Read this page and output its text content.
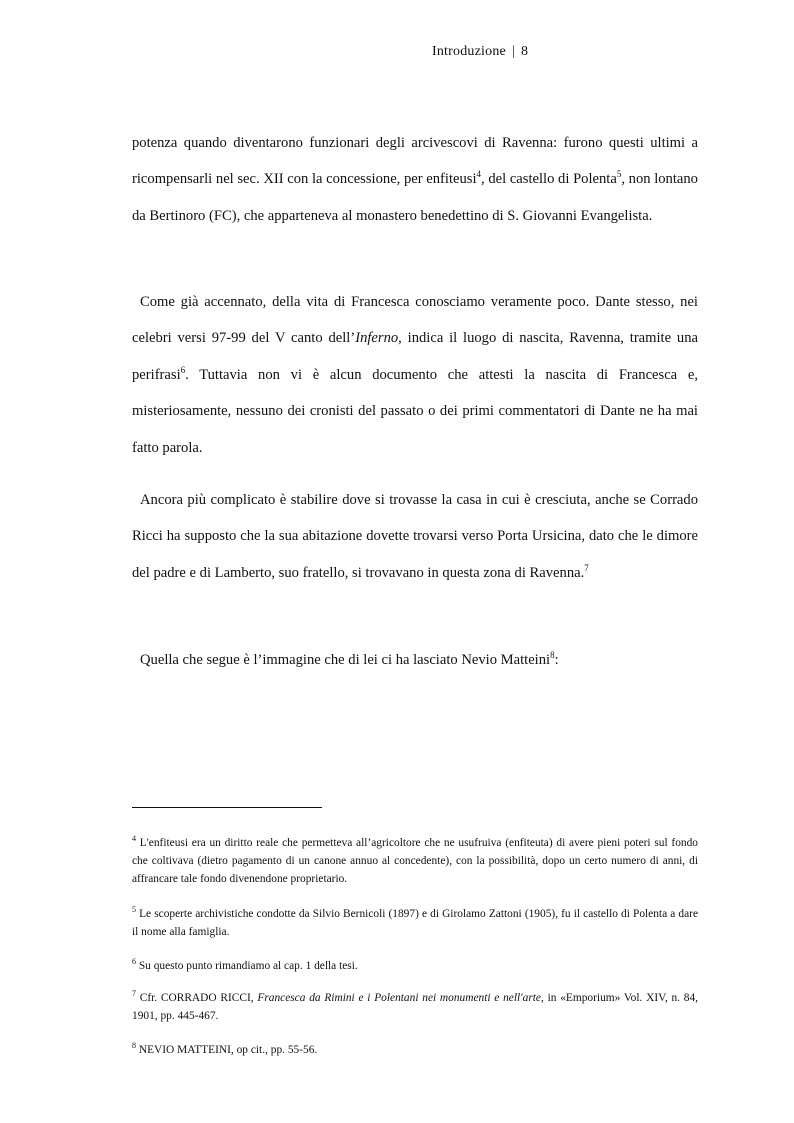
Introduzione | 8

potenza quando diventarono funzionari degli arcivescovi di Ravenna: furono questi ultimi a ricompensarli nel sec. XII con la concessione, per enfiteusi$^4$, del castello di Polenta$^5$, non lontano da Bertinoro (FC), che apparteneva al monastero benedettino di S. Giovanni Evangelista.

Come già accennato, della vita di Francesca conosciamo veramente poco. Dante stesso, nei celebri versi 97-99 del V canto dell’Inferno, indica il luogo di nascita, Ravenna, tramite una perifrasi$^6$. Tuttavia non vi è alcun documento che attesti la nascita di Francesca e, misteriosamente, nessuno dei cronisti del passato o dei primi commentatori di Dante ne ha mai fatto parola.

Ancora più complicato è stabilire dove si trovasse la casa in cui è cresciuta, anche se Corrado Ricci ha supposto che la sua abitazione dovette trovarsi verso Porta Ursicina, dato che le dimore del padre e di Lamberto, suo fratello, si trovavano in questa zona di Ravenna.$^7$

Quella che segue è l’immagine che di lei ci ha lasciato Nevio Matteini$^8$:

$^4$ L'enfiteusi era un diritto reale che permetteva all’agricoltore che ne usufruiva (enfiteuta) di avere pieni poteri sul fondo che coltivava (dietro pagamento di un canone annuo al concedente), con la possibilità, dopo un certo numero di anni, di affrancare tale fondo divenendone proprietario.

$^5$ Le scoperte archivistiche condotte da Silvio Bernicoli (1897) e di Girolamo Zattoni (1905), fu il castello di Polenta a dare il nome alla famiglia.

$^6$ Su questo punto rimandiamo al cap. 1 della tesi.

$^7$ Cfr. CORRADO RICCI, Francesca da Rimini e i Polentani nei monumenti e nell'arte, in «Emporium» Vol. XIV, n. 84, 1901, pp. 445-467.

$^8$ NEVIO MATTEINI, op cit., pp. 55-56.
